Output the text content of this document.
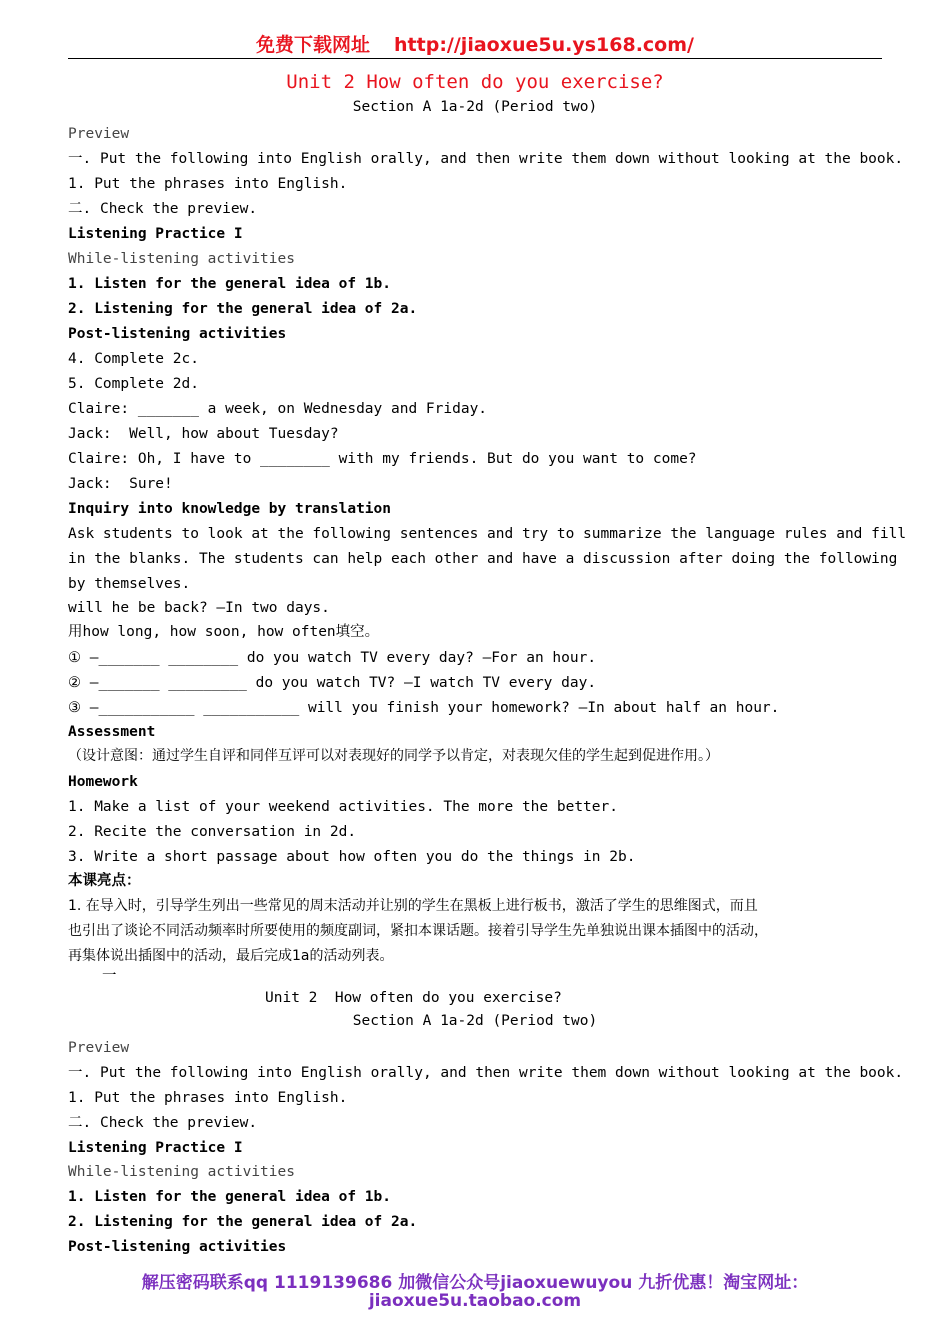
免费下载网址 http://jiaoxue5u.ys168.com/
Unit 2 How often do you exercise?
Section A 1a-2d (Period two)
Preview
一. Put the following into English orally, and then write them down without looking at the book.
1. Put the phrases into English.
二. Check the preview.
Listening Practice I
While-listening activities
1. Listen for the general idea of 1b.
2. Listening for the general idea of 2a.
Post-listening activities
4. Complete 2c.
5. Complete 2d.
Claire: _______ a week, on Wednesday and Friday.
Jack:  Well, how about Tuesday?
Claire: Oh, I have to ________ with my friends. But do you want to come?
Jack:  Sure!
Inquiry into knowledge by translation
Ask students to look at the following sentences and try to summarize the language rules and fill
in the blanks. The students can help each other and have a discussion after doing the following
by themselves.
will he be back? —In two days.
用how long, how soon, how often填空。
① —_______ ________ do you watch TV every day? —For an hour.
② —_______ _________ do you watch TV? —I watch TV every day.
③ —___________ ___________ will you finish your homework? —In about half an hour.
Assessment
（设计意图：通过学生自评和同伴互评可以对表现好的同学予以肯定，对表现欠佳的学生起到促进作用。）
Homework
1. Make a list of your weekend activities. The more the better.
2. Recite the conversation in 2d.
3. Write a short passage about how often you do the things in 2b.
本课亮点：
1. 在导入时，引导学生列出一些常见的周末活动并让别的学生在黑板上进行板书，激活了学生的思维图式，而且
也引出了谈论不同活动频率时所要使用的频度副词，紧扣本课话题。接着引导学生先单独说出课本插图中的活动，
再集体说出插图中的活动，最后完成1a的活动列表。
一
Unit 2  How often do you exercise?
Section A 1a-2d (Period two)
Preview
一. Put the following into English orally, and then write them down without looking at the book.
1. Put the phrases into English.
二. Check the preview.
Listening Practice I
While-listening activities
1. Listen for the general idea of 1b.
2. Listening for the general idea of 2a.
Post-listening activities
解压密码联系qq 1119139686 加微信公众号jiaoxuewuyou 九折优惠！淘宝网址：
jiaoxue5u.taobao.com
